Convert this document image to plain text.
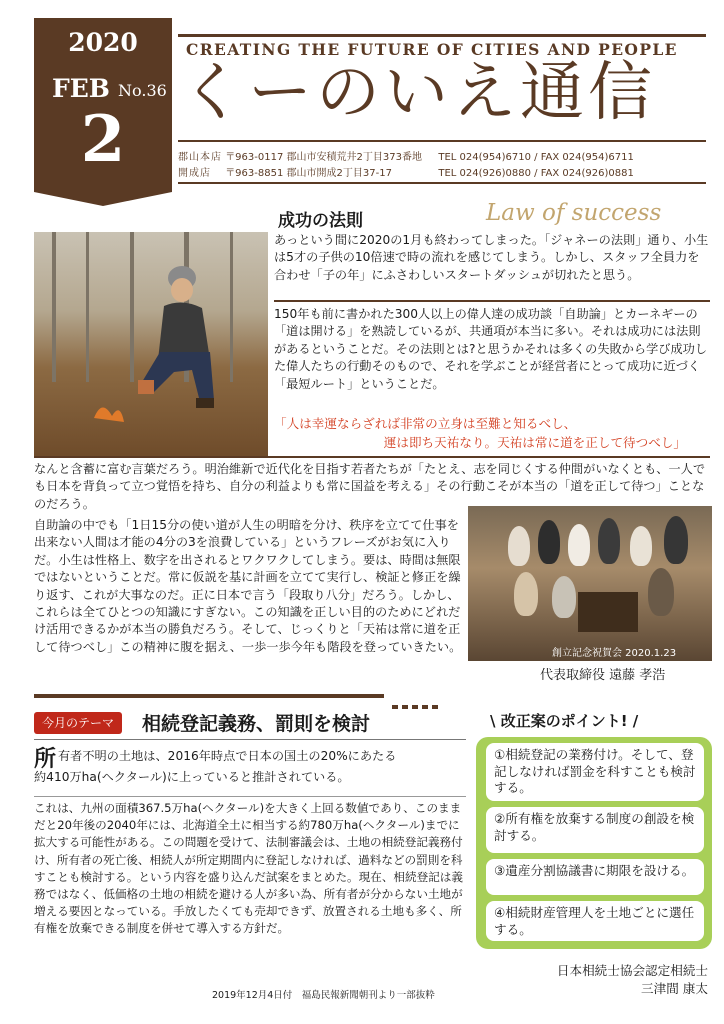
2020
FEB No.36
2
CREATING THE FUTURE OF CITIES AND PEOPLE
くーのいえ通信
郡山本店 〒963-0117 郡山市安積荒井2丁目373番地 TEL 024(954)6710 / FAX 024(954)6711
開成店 〒963-8851 郡山市開成2丁目37-17	TEL 024(926)0880 / FAX 024(926)0881
成功の法則	Law of success
あっという間に2020の1月も終わってしまった。「ジャネーの法則」通り、小生は5才の子供の10倍速で時の流れを感じてしまう。しかし、スタッフ全員力を合わせ「子の年」にふさわしいスタートダッシュが切れたと思う。
150年も前に書かれた300人以上の偉人達の成功談「自助論」とカーネギーの「道は開ける」を熟読しているが、共通項が本当に多い。それは成功には法則があるということだ。その法則とは?と思うかそれは多くの失敗から学び成功した偉人たちの行動そのもので、それを学ぶことが経営者にとって成功に近づく「最短ルート」ということだ。
「人は幸運ならざれば非常の立身は至難と知るべし、
運は即ち天祐なり。天祐は常に道を正して待つべし」
なんと含蓄に富む言葉だろう。明治維新で近代化を目指す若者たちが「たとえ、志を同じくする仲間がいなくとも、一人でも日本を背負って立つ覚悟を持ち、自分の利益よりも常に国益を考える」その行動こそが本当の「道を正して待つ」ことなのだろう。
自助論の中でも「1日15分の使い道が人生の明暗を分け、秩序を立てて仕事を出来ない人間は才能の4分の3を浪費している」というフレーズがお気に入りだ。小生は性格上、数字を出されるとワクワクしてしまう。要は、時間は無限ではないということだ。常に仮説を基に計画を立てて実行し、検証と修正を繰り返す、これが大事なのだ。正に日本で言う「段取り八分」だろう。しかし、これらは全てひとつの知識にすぎない。この知識を正しい目的のためにどれだけ活用できるかが本当の勝負だろう。そして、じっくりと「天祐は常に道を正して待つべし」この精神に腹を据え、一歩一歩今年も階段を登っていきたい。	創立記念祝賀会 2020.1.23
代表取締役 遠藤 孝浩
今月のテーマ	相続登記義務、罰則を検討
所 有者不明の土地は、2016年時点で日本の国土の20%にあたる
約410万ha(ヘクタール)に上っていると推計されている。
これは、九州の面積367.5万ha(ヘクタール)を大きく上回る数値であり、このままだと20年後の2040年には、北海道全土に相当する約780万ha(ヘクタール)までに拡大する可能性がある。この問題を受けて、法制審議会は、土地の相続登記義務付け、所有者の死亡後、相続人が所定期間内に登記しなければ、過料などの罰則を科すことも検討する。という内容を盛り込んだ試案をまとめた。現在、相続登記は義務ではなく、低価格の土地の相続を避ける人が多い為、所有者が分からない土地が増える要因となっている。手放したくても売却できず、放置される土地も多く、所有権を放棄できる制度を併せて導入する方針だ。
2019年12月4日付　福島民報新聞朝刊より一部抜粋
\ 改正案のポイント! /
①相続登記の業務付け。そして、登記しなければ罰金を科すことも検討する。
②所有権を放棄する制度の創設を検討する。
③遺産分割協議書に期限を設ける。
④相続財産管理人を土地ごとに選任する。
日本相続士協会認定相続士
三津間 康太
